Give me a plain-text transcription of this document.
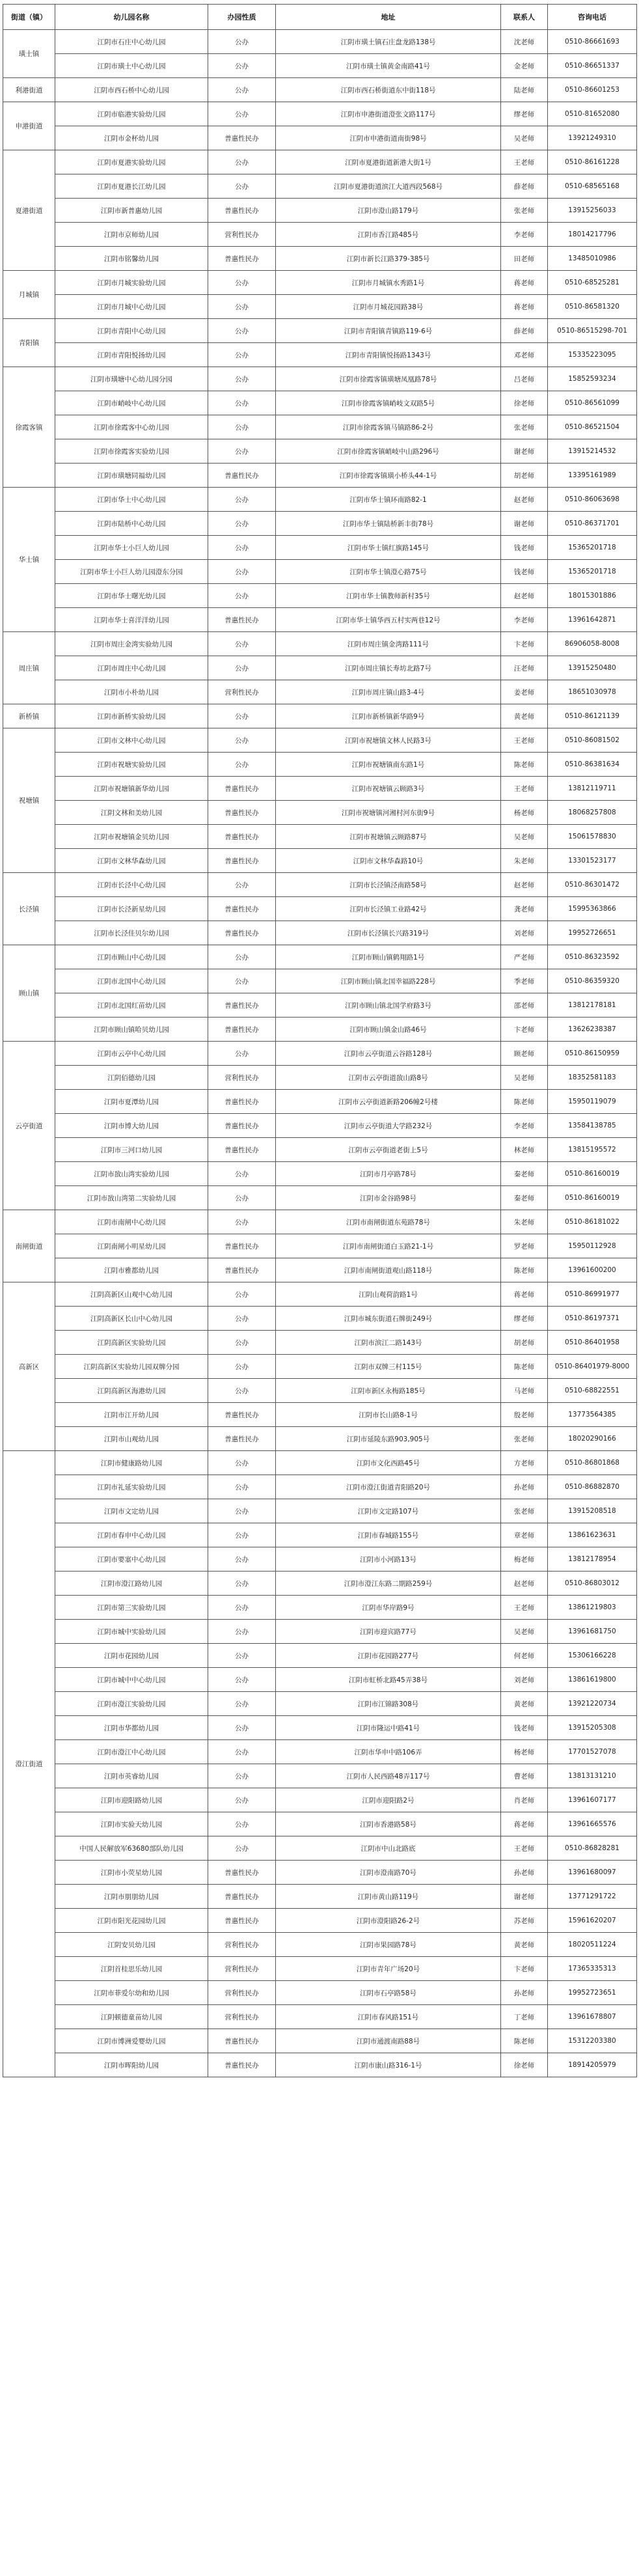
街道（镇）	幼儿园名称	办园性质	地址	联系人	咨询电话
璜土镇	江阴市石庄中心幼儿园	公办	江阴市璜土镇石庄盘龙路138号	沈老师	0510-86661693
	江阴市璜土中心幼儿园	公办	江阴市璜土镇黄金南路41号	金老师	0510-86651337
利港街道	江阴市西石桥中心幼儿园	公办	江阴市西石桥街道东中街118号	陆老师	0510-86601253
申港街道	江阴市临港实验幼儿园	公办	江阴市申港街道澄张文路117号	缪老师	0510-81652080
	江阴市金杯幼儿园	普惠性民办	江阴市申港街道南街98号	吴老师	13921249310
夏港街道	江阴市夏港实验幼儿园	公办	江阴市夏港街道新港大街1号	王老师	0510-86161228
	江阴市夏港长江幼儿园	公办	江阴市夏港街道滨江大道西段568号	薛老师	0510-68565168
	江阴市新普惠幼儿园	普惠性民办	江阴市澄山路179号	张老师	13915256033
	江阴市京师幼儿园	营利性民办	江阴市香江路485号	李老师	18014217796
	江阴市铭馨幼儿园	普惠性民办	江阴市新长江路379-385号	田老师	13485010986
月城镇	江阴市月城实验幼儿园	公办	江阴市月城镇水秀路1号	蒋老师	0510-68525281
	江阴市月城中心幼儿园	公办	江阴市月城花园路38号	蒋老师	0510-86581320
青阳镇	江阴市青阳中心幼儿园	公办	江阴市青阳镇青镇路119-6号	薛老师	0510-86515298-701
	江阴市青阳悦扬幼儿园	公办	江阴市青阳镇悦扬路1343号	邓老师	15335223095
徐霞客镇	江阴市璜塘中心幼儿园分园	公办	江阴市徐霞客镇璜塘凤凰路78号	吕老师	15852593234
	江阴市峭岐中心幼儿园	公办	江阴市徐霞客镇峭岐文双路5号	徐老师	0510-86561099
	江阴市徐霞客中心幼儿园	公办	江阴市徐霞客镇马镇路86-2号	张老师	0510-86521504
	江阴市徐霞客实验幼儿园	公办	江阴市徐霞客镇峭岐中山路296号	谢老师	13915214532
	江阴市璜塘同福幼儿园	普惠性民办	江阴市徐霞客镇璜小桥头44-1号	胡老师	13395161989
华士镇	江阴市华士中心幼儿园	公办	江阴市华士镇环南路82-1	赵老师	0510-86063698
	江阴市陆桥中心幼儿园	公办	江阴市华士镇陆桥新丰街78号	谢老师	0510-86371701
	江阴市华士小巨人幼儿园	公办	江阴市华士镇红旗路145号	钱老师	15365201718
	江阴市华士小巨人幼儿园澄东分园	公办	江阴市华士镇澄心路75号	钱老师	15365201718
	江阴市华士曙光幼儿园	公办	江阴市华士镇教师新村35号	赵老师	18015301886
	江阴市华士喜洋洋幼儿园	普惠性民办	江阴市华士镇华西五村实两巷12号	李老师	13961642871
周庄镇	江阴市周庄金湾实验幼儿园	公办	江阴市周庄镇金湾路111号	卞老师	86906058-8008
	江阴市周庄中心幼儿园	公办	江阴市周庄镇长寿坊北路7号	汪老师	13915250480
	江阴市小朴幼儿园	营利性民办	江阴市周庄镇山路3-4号	姜老师	18651030978
新桥镇	江阴市新桥实验幼儿园	公办	江阴市新桥镇新华路9号	黄老师	0510-86121139
祝塘镇	江阴市文林中心幼儿园	公办	江阴市祝塘镇文林人民路3号	王老师	0510-86081502
	江阴市祝塘实验幼儿园	公办	江阴市祝塘镇南东路1号	陈老师	0510-86381634
	江阴市祝塘镇新华幼儿园	普惠性民办	江阴市祝塘镇云顾路3号	王老师	13812119711
	江阴文林和美幼儿园	普惠性民办	江阴市祝塘镇河湘村河东街9号	杨老师	18068257808
	江阴市祝塘镇金贝幼儿园	普惠性民办	江阴市祝塘镇云顾路87号	吴老师	15061578830
	江阴市文林华森幼儿园	普惠性民办	江阴市文林华森路10号	朱老师	13301523177
长泾镇	江阴市长泾中心幼儿园	公办	江阴市长泾镇泾南路58号	赵老师	0510-86301472
	江阴市长泾新星幼儿园	普惠性民办	江阴市长泾镇工业路42号	龚老师	15995363866
	江阴市长泾佳贝尔幼儿园	普惠性民办	江阴市长泾镇长兴路319号	刘老师	19952726651
顾山镇	江阴市顾山中心幼儿园	公办	江阴市顾山镇鹤翔路1号	严老师	0510-86323592
	江阴市北国中心幼儿园	公办	江阴市顾山镇北国幸福路228号	季老师	0510-86359320
	江阴市北国红苗幼儿园	普惠性民办	江阴市顾山镇北国学府路3号	邵老师	13812178181
	江阴市顾山镇哈贝幼儿园	普惠性民办	江阴市顾山镇金山路46号	卞老师	13626238387
云亭街道	江阴市云亭中心幼儿园	公办	江阴市云亭街道云谷路128号	顾老师	0510-86150959
	江阴佰德幼儿园	营利性民办	江阴市云亭街道敔山路8号	吴老师	18352581183
	江阴市夏潭幼儿园	普惠性民办	江阴市云亭街道新路206幢2号楼	陈老师	15950119079
	江阴市博大幼儿园	普惠性民办	江阴市云亭街道大学路232号	李老师	13584138785
	江阴市三河口幼儿园	普惠性民办	江阴市云亭街道老街上5号	林老师	13815195572
	江阴市敔山湾实验幼儿园	公办	江阴市月亭路78号	秦老师	0510-86160019
	江阴市敔山湾第二实验幼儿园	公办	江阴市金谷路98号	秦老师	0510-86160019
南闸街道	江阴市南闸中心幼儿园	公办	江阴市南闸街道东苑路78号	朱老师	0510-86181022
	江阴南闸小明星幼儿园	普惠性民办	江阴市南闸街道白玉路21-1号	罗老师	15950112928
	江阴市雅都幼儿园	普惠性民办	江阴市南闸街道观山路118号	陈老师	13961600200
高新区	江阴高新区山观中心幼儿园	公办	江阴山观荷韵路1号	蒋老师	0510-86991977
	江阴高新区长山中心幼儿园	公办	江阴市城东街道石牌街249号	缪老师	0510-86197371
	江阴高新区实验幼儿园	公办	江阴市滨江二路143号	胡老师	0510-86401958
	江阴高新区实验幼儿园双牌分园	公办	江阴市双牌三村115号	陈老师	0510-86401979-8000
	江阴高新区海港幼儿园	公办	江阴市新区永梅路185号	马老师	0510-68822551
	江阴市江开幼儿园	普惠性民办	江阴市长山路8-1号	殷老师	13773564385
	江阴市山观幼儿园	普惠性民办	江阴市延陵东路903,905号	张老师	18020290166
澄江街道	江阴市健康路幼儿园	公办	江阴市文化西路45号	方老师	0510-86801868
	江阴市礼延实验幼儿园	公办	江阴市澄江街道青阳路20号	孙老师	0510-86882870
	江阴市文定幼儿园	公办	江阴市文定路107号	张老师	13915208518
	江阴市春申中心幼儿园	公办	江阴市春城路155号	章老师	13861623631
	江阴市要塞中心幼儿园	公办	江阴市小河路13号	梅老师	13812178954
	江阴市澄江路幼儿园	公办	江阴市澄江东路二期路259号	赵老师	0510-86803012
	江阴市第三实验幼儿园	公办	江阴市华岸路9号	王老师	13861219803
	江阴市城中实验幼儿园	公办	江阴市迎宾路77号	吴老师	13961681750
	江阴市花园幼儿园	公办	江阴市花园路277号	何老师	15306166228
	江阴市城中中心幼儿园	公办	江阴市虹桥北路45弄38号	刘老师	13861619800
	江阴市澄江实验幼儿园	公办	江阴市江锦路308号	黄老师	13921220734
	江阴市华都幼儿园	公办	江阴市隆运中路41号	钱老师	13915205308
	江阴市澄江中心幼儿园	公办	江阴市华申中路106弄	杨老师	17701527078
	江阴市英睿幼儿园	公办	江阴市人民西路48弄117号	曹老师	13813131210
	江阴市迎阳路幼儿园	公办	江阴市迎阳路2号	肖老师	13961607177
	江阴市实验天幼儿园	公办	江阴市香港路58号	蒋老师	13961665576
	中国人民解放军63680部队幼儿园	公办	江阴市中山北路底	王老师	0510-86828281
	江阴市小荧星幼儿园	普惠性民办	江阴市澄南路70号	孙老师	13961680097
	江阴市朋朋幼儿园	普惠性民办	江阴市黄山路119号	谢老师	13771291722
	江阴市阳光花园幼儿园	普惠性民办	江阴市澄阳路26-2号	苏老师	15961620207
	江阴安贝幼儿园	营利性民办	江阴市果园路78号	黄老师	18020511224
	江阴首桂思乐幼儿园	营利性民办	江阴市青年广场20号	卞老师	17365335313
	江阴市菲爱尔幼和幼儿园	营利性民办	江阴市石亭路58号	孙老师	19952723651
	江阴顿德童苗幼儿园	营利性民办	江阴市春风路151号	丁老师	13961678807
	江阴市博洲爱婴幼儿园	普惠性民办	江阴市通渡南路88号	陈老师	15312203380
	江阴市晖阳幼儿园	普惠性民办	江阴市康山路316-1号	徐老师	18914205979
